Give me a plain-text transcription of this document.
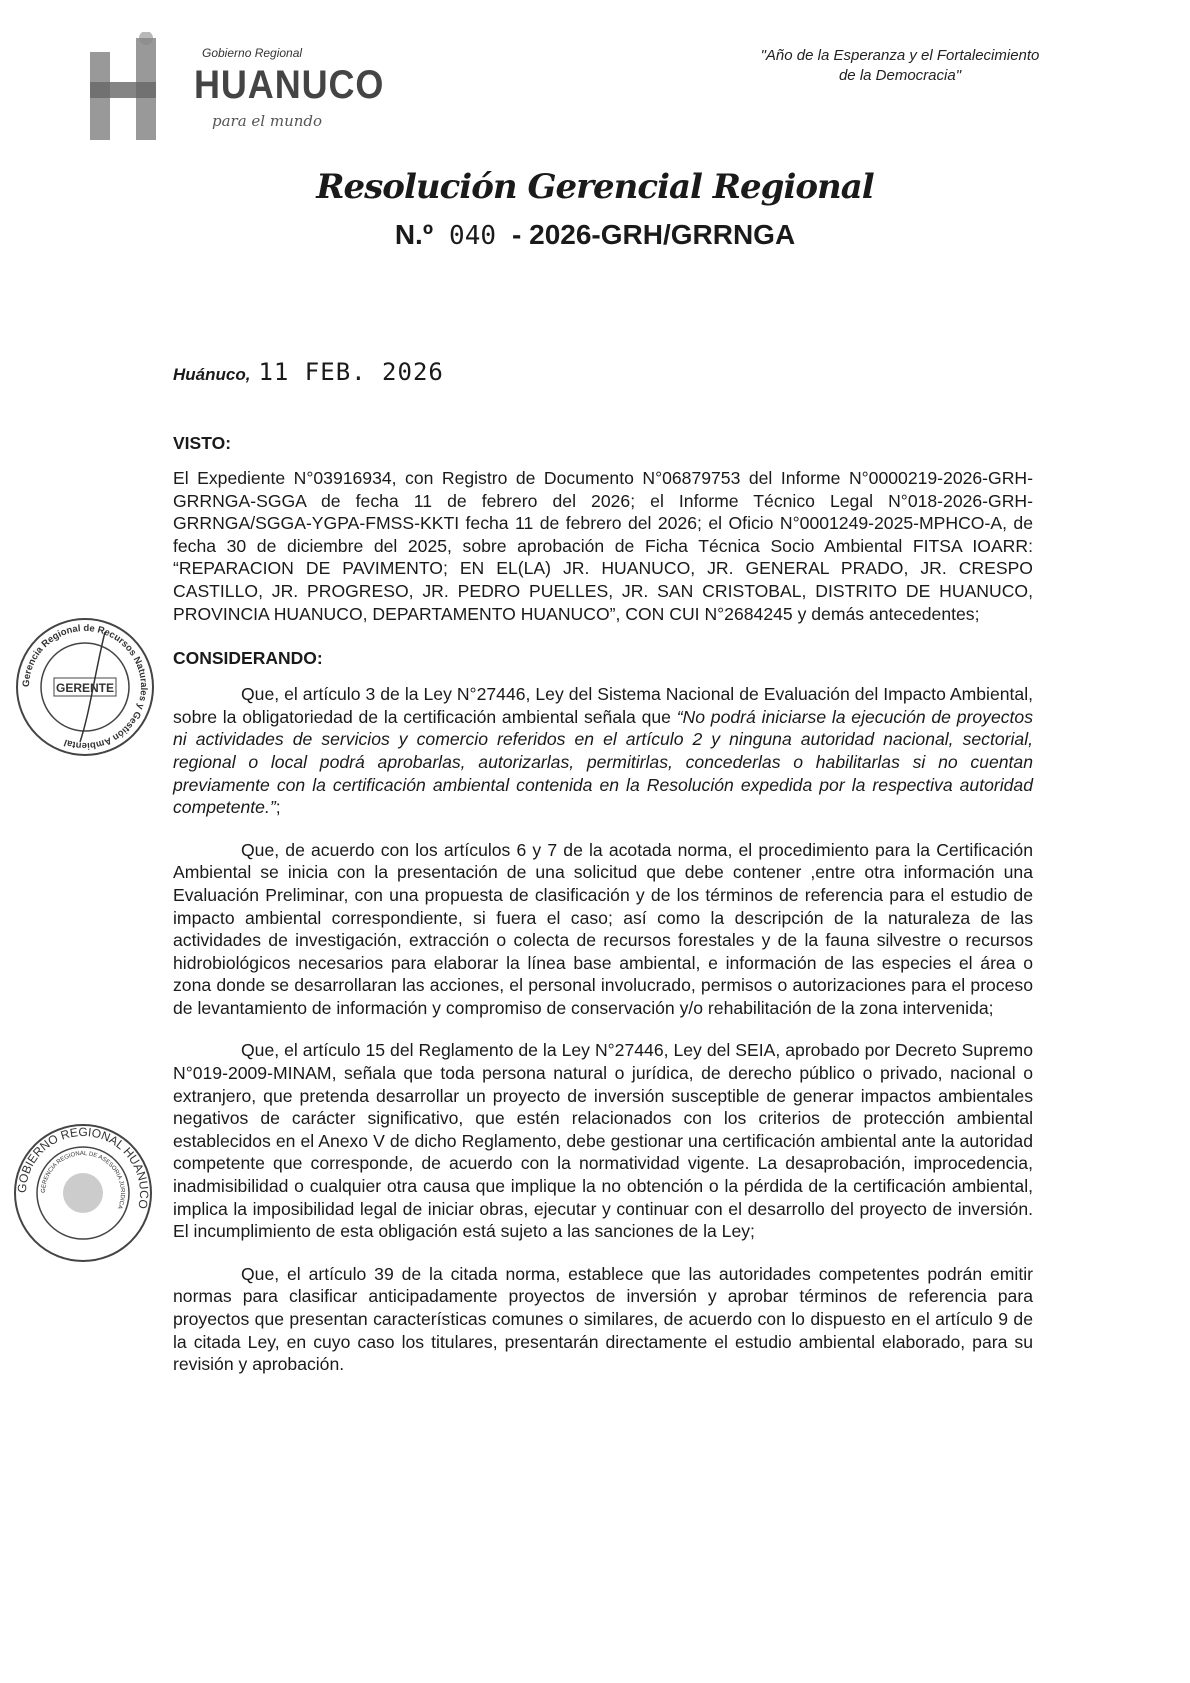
Gobierno Regional
HUANUCO
para el mundo
"Año de la Esperanza y el Fortalecimiento
de la Democracia"
Resolución Gerencial Regional
N.º 040 - 2026-GRH/GRRNGA
Huánuco, 11 FEB. 2026
VISTO:

El Expediente N°03916934, con Registro de Documento N°06879753 del Informe N°0000219-2026-GRH-GRRNGA-SGGA de fecha 11 de febrero del 2026; el Informe Técnico Legal N°018-2026-GRH-GRRNGA/SGGA-YGPA-FMSS-KKTI fecha 11 de febrero del 2026; el Oficio N°0001249-2025-MPHCO-A, de fecha 30 de diciembre del 2025, sobre aprobación de Ficha Técnica Socio Ambiental FITSA IOARR: “REPARACION DE PAVIMENTO; EN EL(LA) JR. HUANUCO, JR. GENERAL PRADO, JR. CRESPO CASTILLO, JR. PROGRESO, JR. PEDRO PUELLES, JR. SAN CRISTOBAL, DISTRITO DE HUANUCO, PROVINCIA HUANUCO, DEPARTAMENTO HUANUCO”, CON CUI N°2684245 y demás antecedentes;

CONSIDERANDO:

Que, el artículo 3 de la Ley N°27446, Ley del Sistema Nacional de Evaluación del Impacto Ambiental, sobre la obligatoriedad de la certificación ambiental señala que “No podrá iniciarse la ejecución de proyectos ni actividades de servicios y comercio referidos en el artículo 2 y ninguna autoridad nacional, sectorial, regional o local podrá aprobarlas, autorizarlas, permitirlas, concederlas o habilitarlas si no cuentan previamente con la certificación ambiental contenida en la Resolución expedida por la respectiva autoridad competente.”;

Que, de acuerdo con los artículos 6 y 7 de la acotada norma, el procedimiento para la Certificación Ambiental se inicia con la presentación de una solicitud que debe contener ,entre otra información una Evaluación Preliminar, con una propuesta de clasificación y de los términos de referencia para el estudio de impacto ambiental correspondiente, si fuera el caso; así como la descripción de la naturaleza de las actividades de investigación, extracción o colecta de recursos forestales y de la fauna silvestre o recursos hidrobiológicos necesarios para elaborar la línea base ambiental, e información de las especies el área o zona donde se desarrollaran las acciones, el personal involucrado, permisos o autorizaciones para el proceso de levantamiento de información y compromiso de conservación y/o rehabilitación de la zona intervenida;

Que, el artículo 15 del Reglamento de la Ley N°27446, Ley del SEIA, aprobado por Decreto Supremo N°019-2009-MINAM, señala que toda persona natural o jurídica, de derecho público o privado, nacional o extranjero, que pretenda desarrollar un proyecto de inversión susceptible de generar impactos ambientales negativos de carácter significativo, que estén relacionados con los criterios de protección ambiental establecidos en el Anexo V de dicho Reglamento, debe gestionar una certificación ambiental ante la autoridad competente que corresponde, de acuerdo con la normatividad vigente. La desaprobación, improcedencia, inadmisibilidad o cualquier otra causa que implique la no obtención o la pérdida de la certificación ambiental, implica la imposibilidad legal de iniciar obras, ejecutar y continuar con el desarrollo del proyecto de inversión. El incumplimiento de esta obligación está sujeto a las sanciones de la Ley;

Que, el artículo 39 de la citada norma, establece que las autoridades competentes podrán emitir normas para clasificar anticipadamente proyectos de inversión y aprobar términos de referencia para proyectos que presentan características comunes o similares, de acuerdo con lo dispuesto en el artículo 9 de la citada Ley, en cuyo caso los titulares, presentarán directamente el estudio ambiental elaborado, para su revisión y aprobación.

Gerencia Regional de Recursos Naturales y Gestión Ambiental
GERENTE
GOBIERNO REGIONAL HUANUCO
GERENCIA REGIONAL DE ASESORIA JURIDICA
